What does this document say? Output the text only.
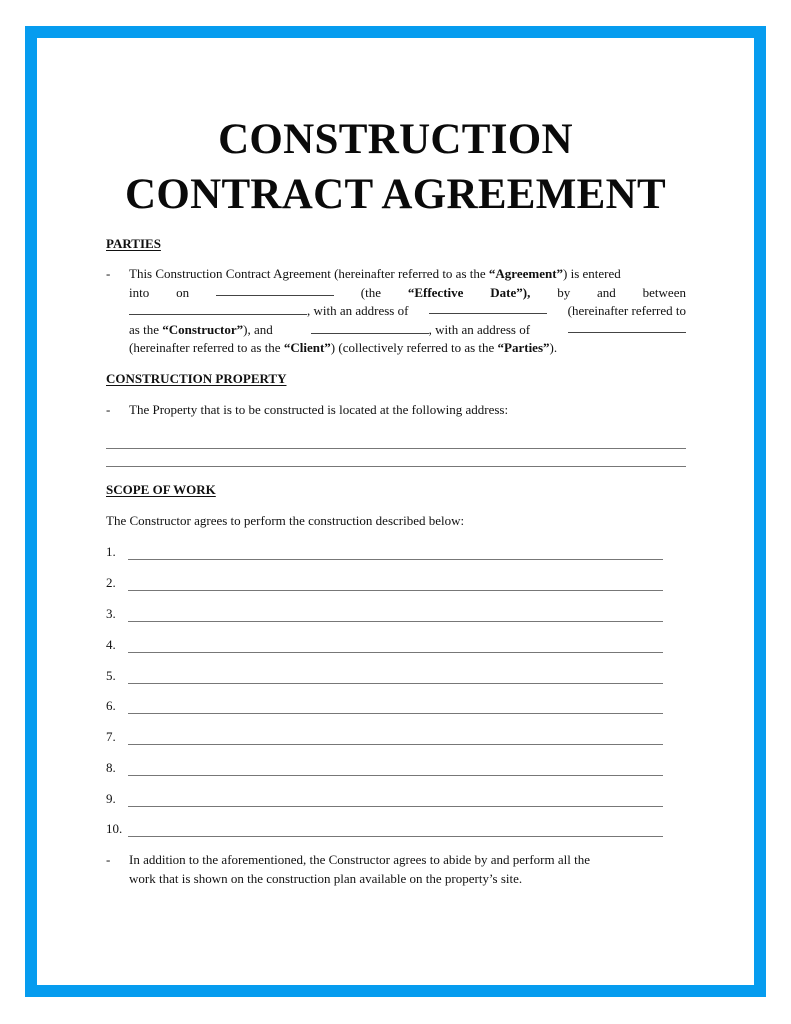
CONSTRUCTION
CONTRACT AGREEMENT
PARTIES
- This Construction Contract Agreement (hereinafter referred to as the “Agreement”) is entered
into on	(the “Effective Date”), by and between
, with an address of	(hereinafter referred to
as the “Constructor”), and	, with an address of
(hereinafter referred to as the “Client”) (collectively referred to as the “Parties”).
CONSTRUCTION PROPERTY
- The Property that is to be constructed is located at the following address:
SCOPE OF WORK
The Constructor agrees to perform the construction described below:
1.
2.
3.
4.
5.
6.
7.
8.
9.
10.
- In addition to the aforementioned, the Constructor agrees to abide by and perform all the
work that is shown on the construction plan available on the property’s site.
